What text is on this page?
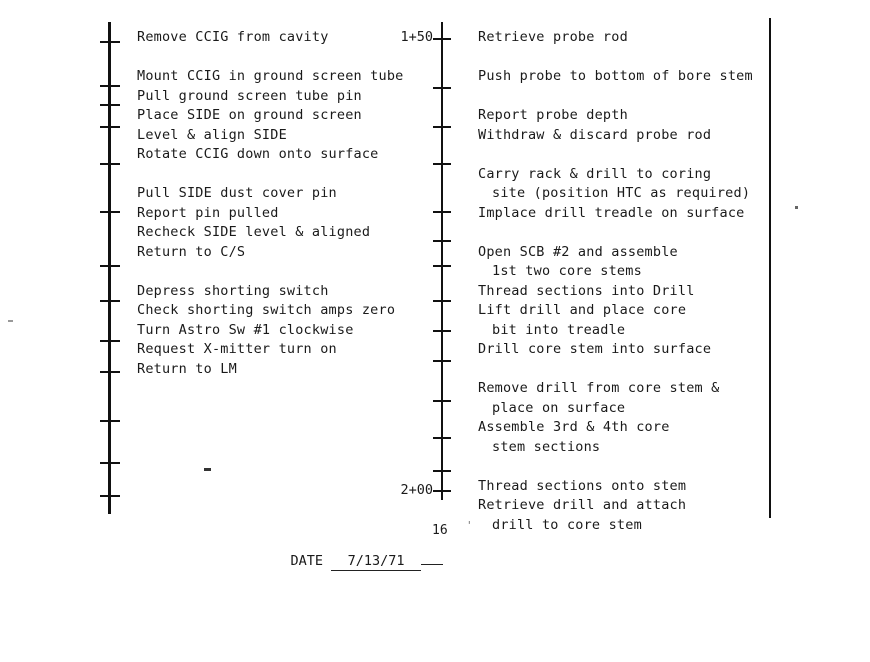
1+50
2+00
Remove CCIG from cavity
Mount CCIG in ground screen tube
Pull ground screen tube pin
Place SIDE on ground screen
Level & align SIDE
Rotate CCIG down onto surface
Pull SIDE dust cover pin
Report pin pulled
Recheck SIDE level & aligned
Return to C/S
Depress shorting switch
Check shorting switch amps zero
Turn Astro Sw #1 clockwise
Request X-mitter turn on
Return to LM
Retrieve probe rod
Push probe to bottom of bore stem
Report probe depth
Withdraw & discard probe rod
Carry rack & drill to coring
site (position HTC as required)
Implace drill treadle on surface
Open SCB #2 and assemble
1st two core stems
Thread sections into Drill
Lift drill and place core
bit into treadle
Drill core stem into surface
Remove drill from core stem &
place on surface
Assemble 3rd & 4th core
stem sections
Thread sections onto stem
Retrieve drill and attach
drill to core stem

DATE 7/13/71

16 '
